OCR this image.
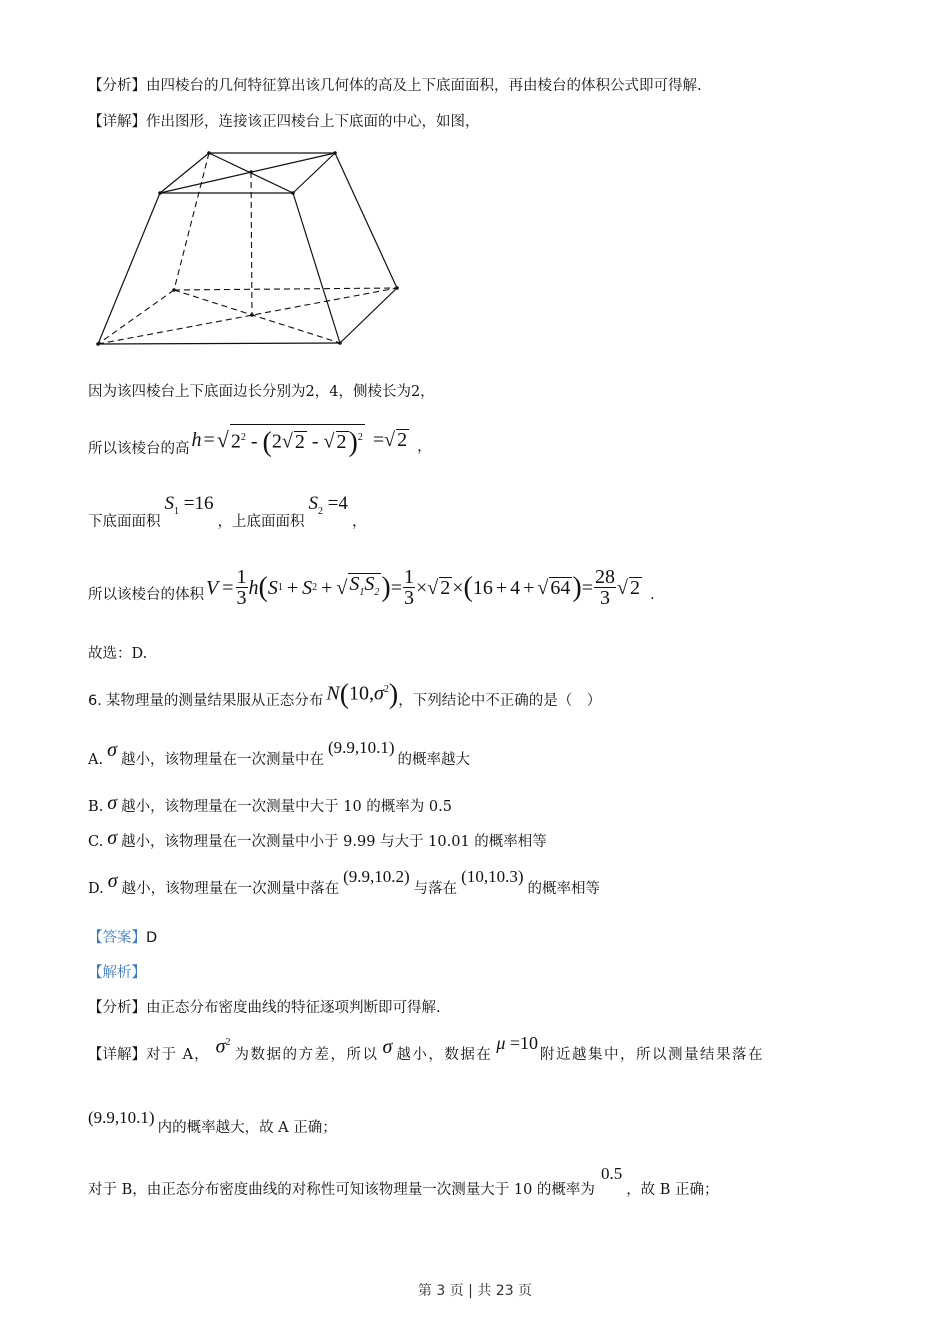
【分析】由四棱台的几何特征算出该几何体的高及上下底面面积，再由棱台的体积公式即可得解.
【详解】作出图形，连接该正四棱台上下底面的中心，如图，
因为该四棱台上下底面边长分别为2，4，侧棱长为2，
所以该棱台的高 h = √ $2^2 - (2√$ 2 - √ 2)$^2$ = √ 2 ，
下底面面积
$S_1 =16$
，上底面面积
$S_2 =4$
，
所以该棱台的体积 $V = \frac{1}{3}$ h ( S 1 + S 2 + √ $S_1S_2$ ) = $\frac{1}{3}$ × √ 2 × ( 16 + 4 + √ 64 ) = $\frac{28}{3}$ √ 2 .
故选：D.
6. 某物理量的测量结果服从正态分布 $N(10,\sigma^2)$ ，下列结论中不正确的是（　）
A. σ 越小，该物理量在一次测量中在
(9.9,10.1)
的概率越大
B. σ 越小，该物理量在一次测量中大于 10 的概率为 0.5
C. σ 越小，该物理量在一次测量中小于 9.99 与大于 10.01 的概率相等
D. σ 越小，该物理量在一次测量中落在
(9.9,10.2)
与落在
(10,10.3)
的概率相等
【答案】D
【解析】
【分析】由正态分布密度曲线的特征逐项判断即可得解.
【详解】 对于 A， $\sigma^2$
为数据的方差，所以 σ 越小，数据在
μ =10
附近越集中，所以测量结果落在
(9.9,10.1)
内的概率越大，故 A 正确；
对于 B，由正态分布密度曲线的对称性可知该物理量一次测量大于 10 的概率为
0.5
，故 B 正确；
第 3 页 | 共 23 页
